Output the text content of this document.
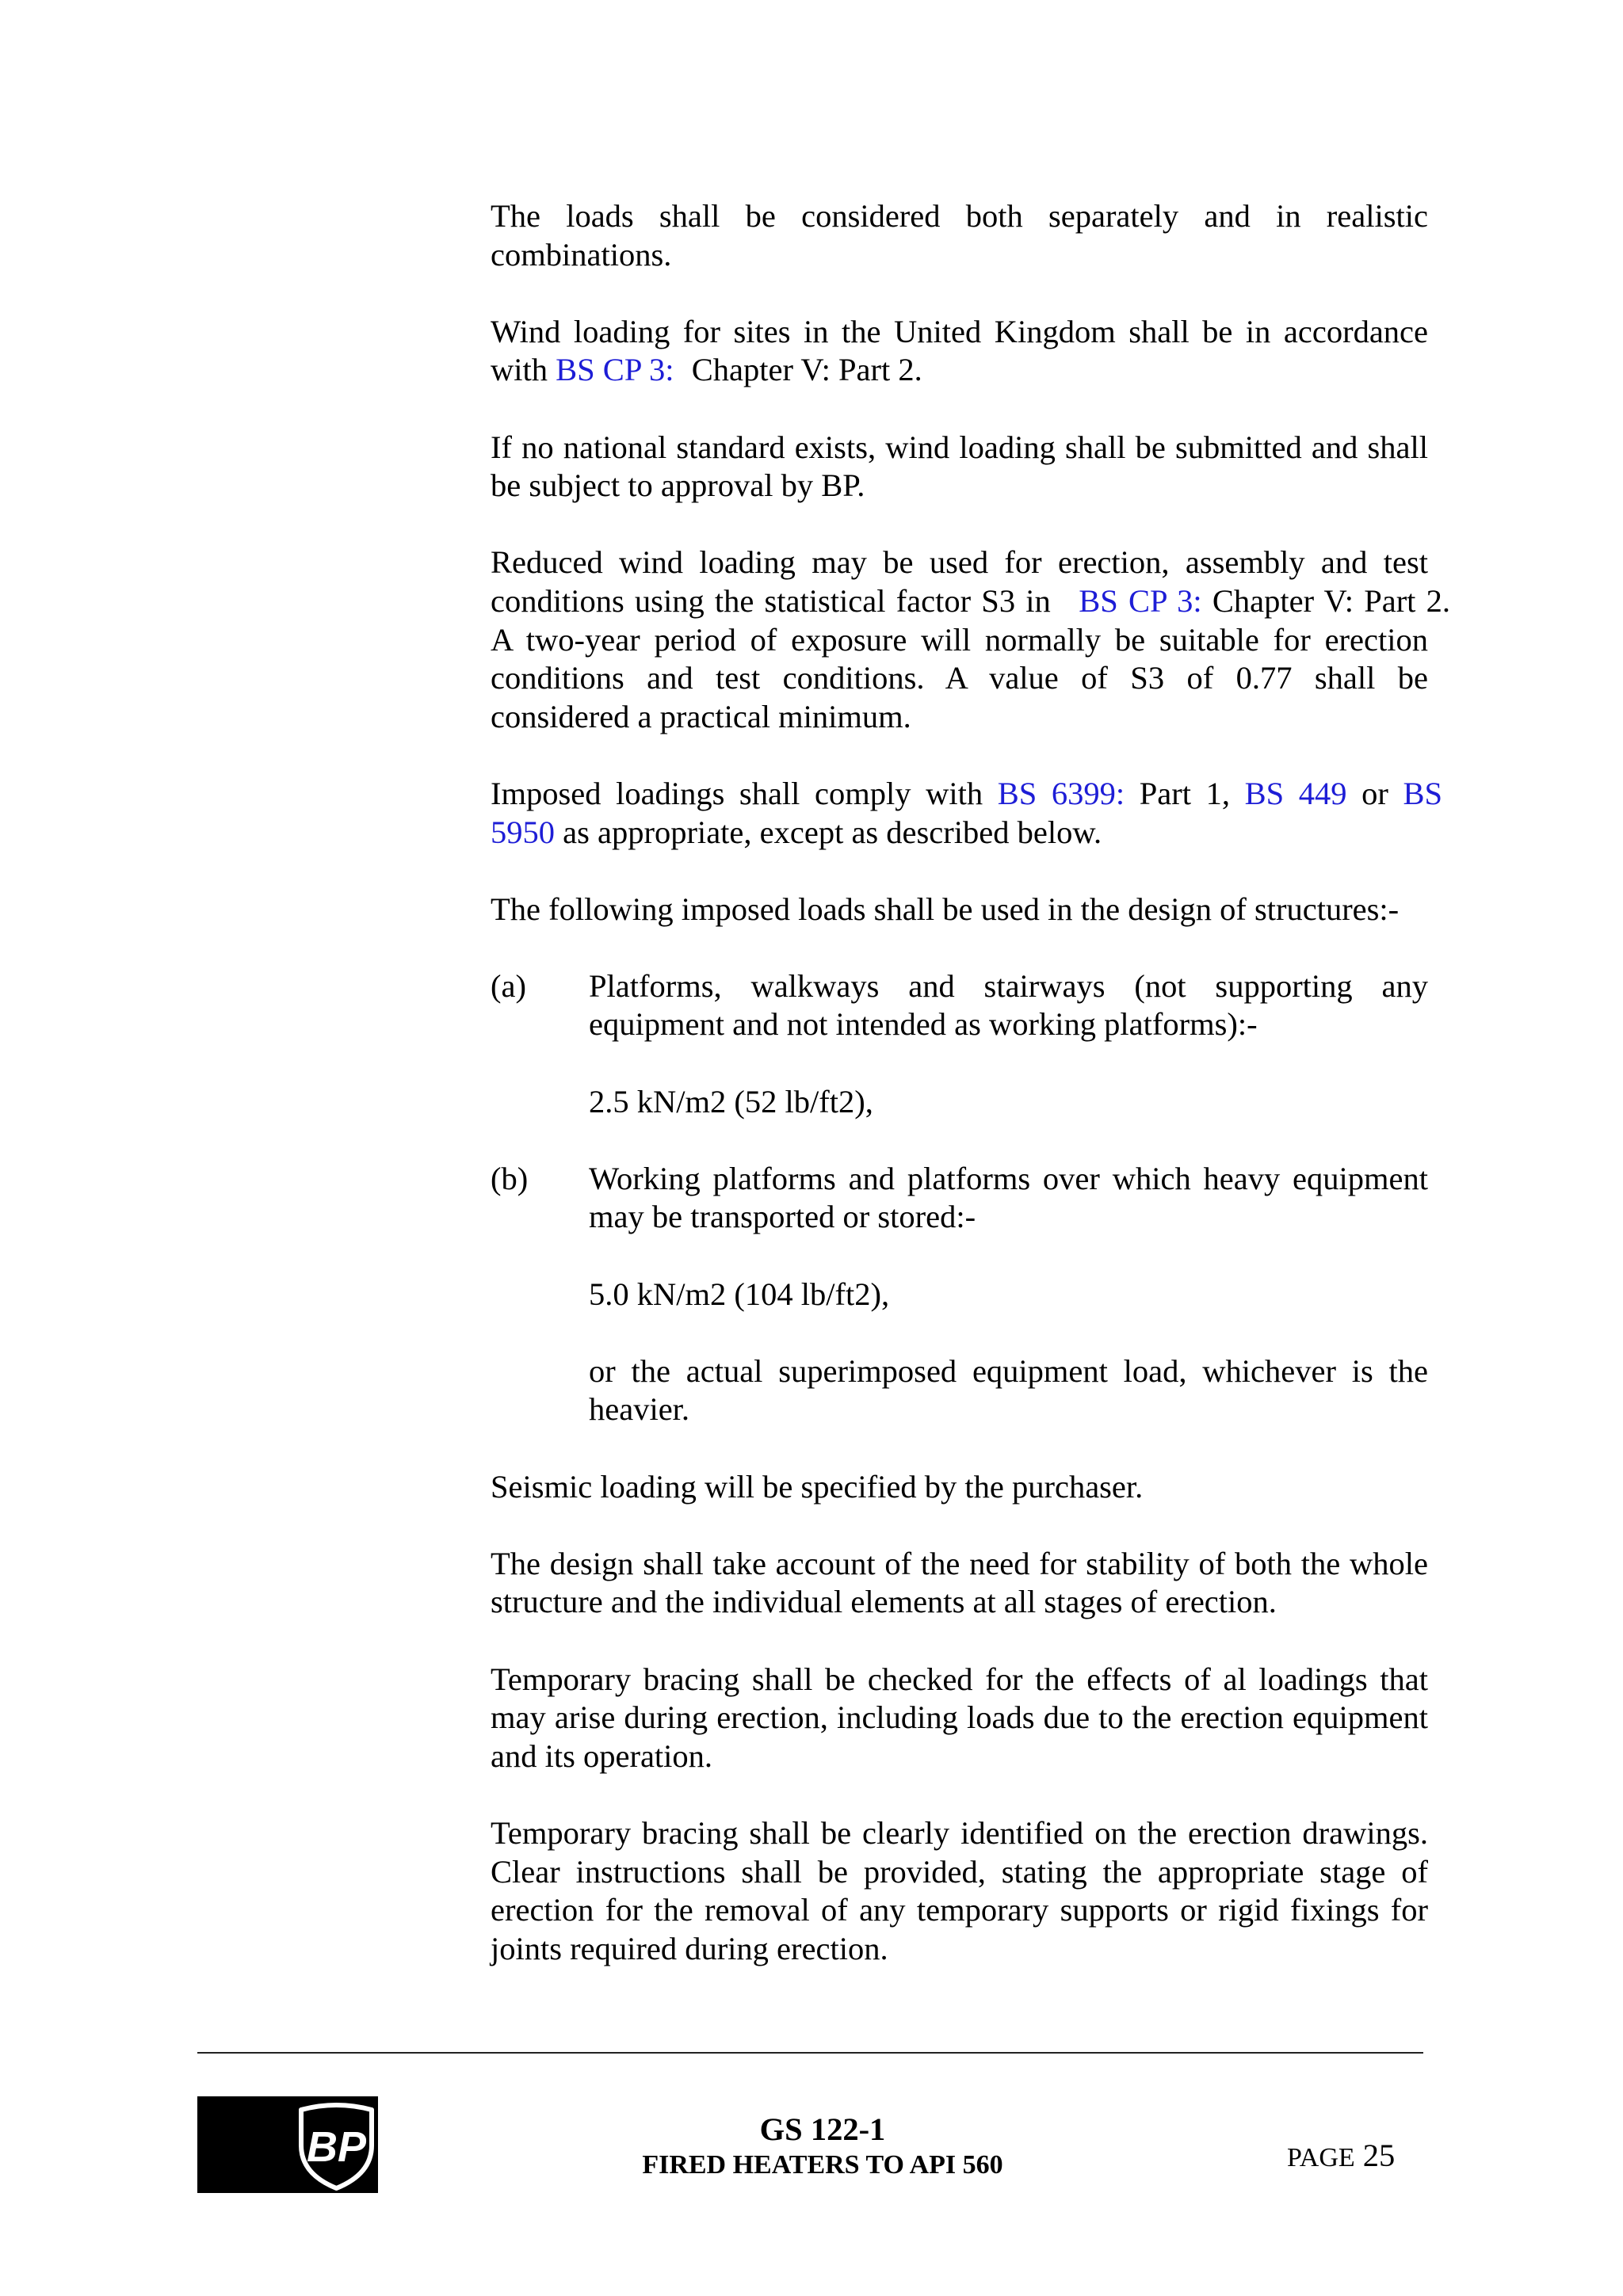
The loads shall be considered both separately and in realistic
combinations.
Wind loading for sites in the United Kingdom shall be in accordance
with BS CP 3: Chapter V: Part 2.
If no national standard exists, wind loading shall be submitted and shall
be subject to approval by BP.
Reduced wind loading may be used for erection, assembly and test
conditions using the statistical factor S3 in BS CP 3: Chapter V: Part 2.
A two-year period of exposure will normally be suitable for erection
conditions and test conditions. A value of S3 of 0.77 shall be
considered a practical minimum.
Imposed loadings shall comply with BS 6399: Part 1, BS 449 or BS
5950 as appropriate, except as described below.
The following imposed loads shall be used in the design of structures:-
(a) Platforms, walkways and stairways (not supporting any
equipment and not intended as working platforms):-
2.5 kN/m2 (52 lb/ft2),
(b) Working platforms and platforms over which heavy equipment
may be transported or stored:-
5.0 kN/m2 (104 lb/ft2),
or the actual superimposed equipment load, whichever is the
heavier.
Seismic loading will be specified by the purchaser.
The design shall take account of the need for stability of both the whole
structure and the individual elements at all stages of erection.
Temporary bracing shall be checked for the effects of al loadings that
may arise during erection, including loads due to the erection equipment
and its operation.
Temporary bracing shall be clearly identified on the erection drawings.
Clear instructions shall be provided, stating the appropriate stage of
erection for the removal of any temporary supports or rigid fixings for
joints required during erection.
BP	GS 122-1
FIRED HEATERS TO API 560	PAGE 25
